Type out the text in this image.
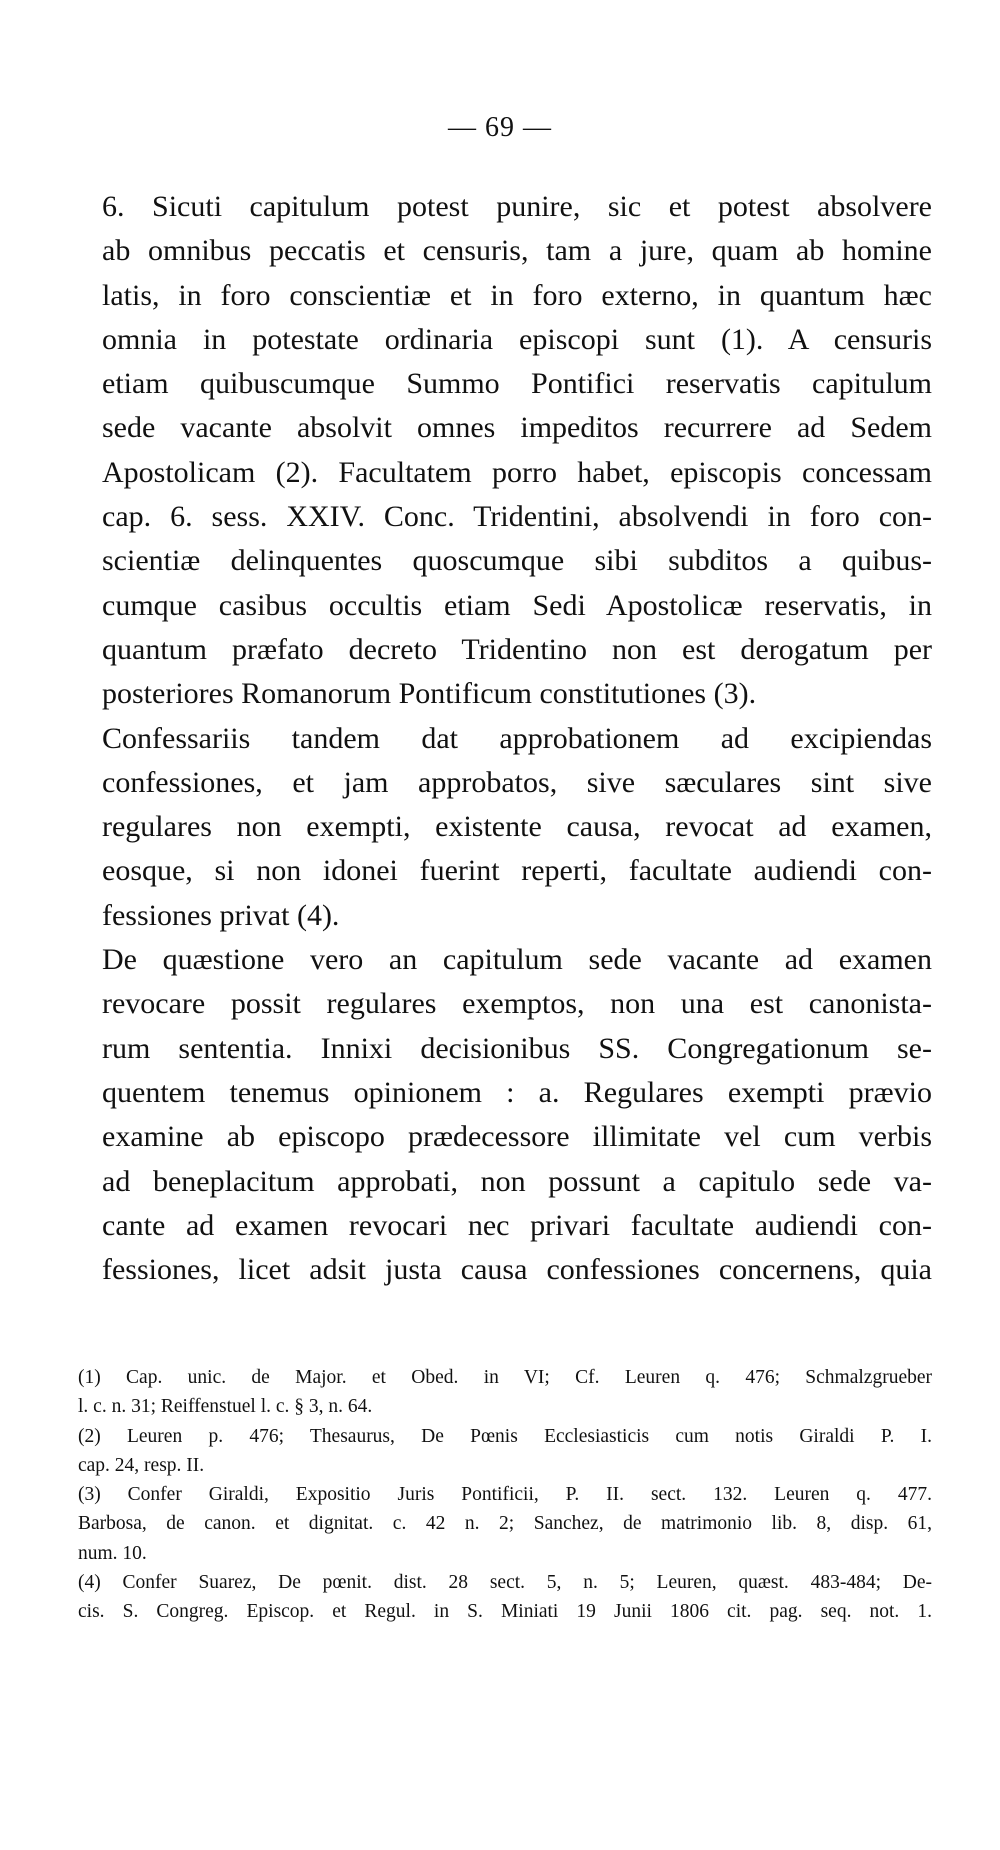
— 69 —

6. Sicuti capitulum potest punire, sic et potest absolvere
ab omnibus peccatis et censuris, tam a jure, quam ab homine
latis, in foro conscientiæ et in foro externo, in quantum hæc
omnia in potestate ordinaria episcopi sunt (1). A censuris
etiam quibuscumque Summo Pontifici reservatis capitulum
sede vacante absolvit omnes impeditos recurrere ad Sedem
Apostolicam (2). Facultatem porro habet, episcopis concessam
cap. 6. sess. XXIV. Conc. Tridentini, absolvendi in foro con-
scientiæ delinquentes quoscumque sibi subditos a quibus-
cumque casibus occultis etiam Sedi Apostolicæ reservatis, in
quantum præfato decreto Tridentino non est derogatum per
posteriores Romanorum Pontificum constitutiones (3).

Confessariis tandem dat approbationem ad excipiendas
confessiones, et jam approbatos, sive sæculares sint sive
regulares non exempti, existente causa, revocat ad examen,
eosque, si non idonei fuerint reperti, facultate audiendi con-
fessiones privat (4).

De quæstione vero an capitulum sede vacante ad examen
revocare possit regulares exemptos, non una est canonista-
rum sententia. Innixi decisionibus SS. Congregationum se-
quentem tenemus opinionem : a. Regulares exempti prævio
examine ab episcopo prædecessore illimitate vel cum verbis
ad beneplacitum approbati, non possunt a capitulo sede va-
cante ad examen revocari nec privari facultate audiendi con-
fessiones, licet adsit justa causa confessiones concernens, quia

(1) Cap. unic. de Major. et Obed. in VI; Cf. Leuren q. 476; Schmalzgrueber
l. c. n. 31; Reiffenstuel l. c. § 3, n. 64.

(2) Leuren p. 476; Thesaurus, De Pœnis Ecclesiasticis cum notis Giraldi P. I.
cap. 24, resp. II.

(3) Confer Giraldi, Expositio Juris Pontificii, P. II. sect. 132. Leuren q. 477.
Barbosa, de canon. et dignitat. c. 42 n. 2; Sanchez, de matrimonio lib. 8, disp. 61,
num. 10.

(4) Confer Suarez, De pœnit. dist. 28 sect. 5, n. 5; Leuren, quæst. 483-484; De-
cis. S. Congreg. Episcop. et Regul. in S. Miniati 19 Junii 1806 cit. pag. seq. not. 1.
